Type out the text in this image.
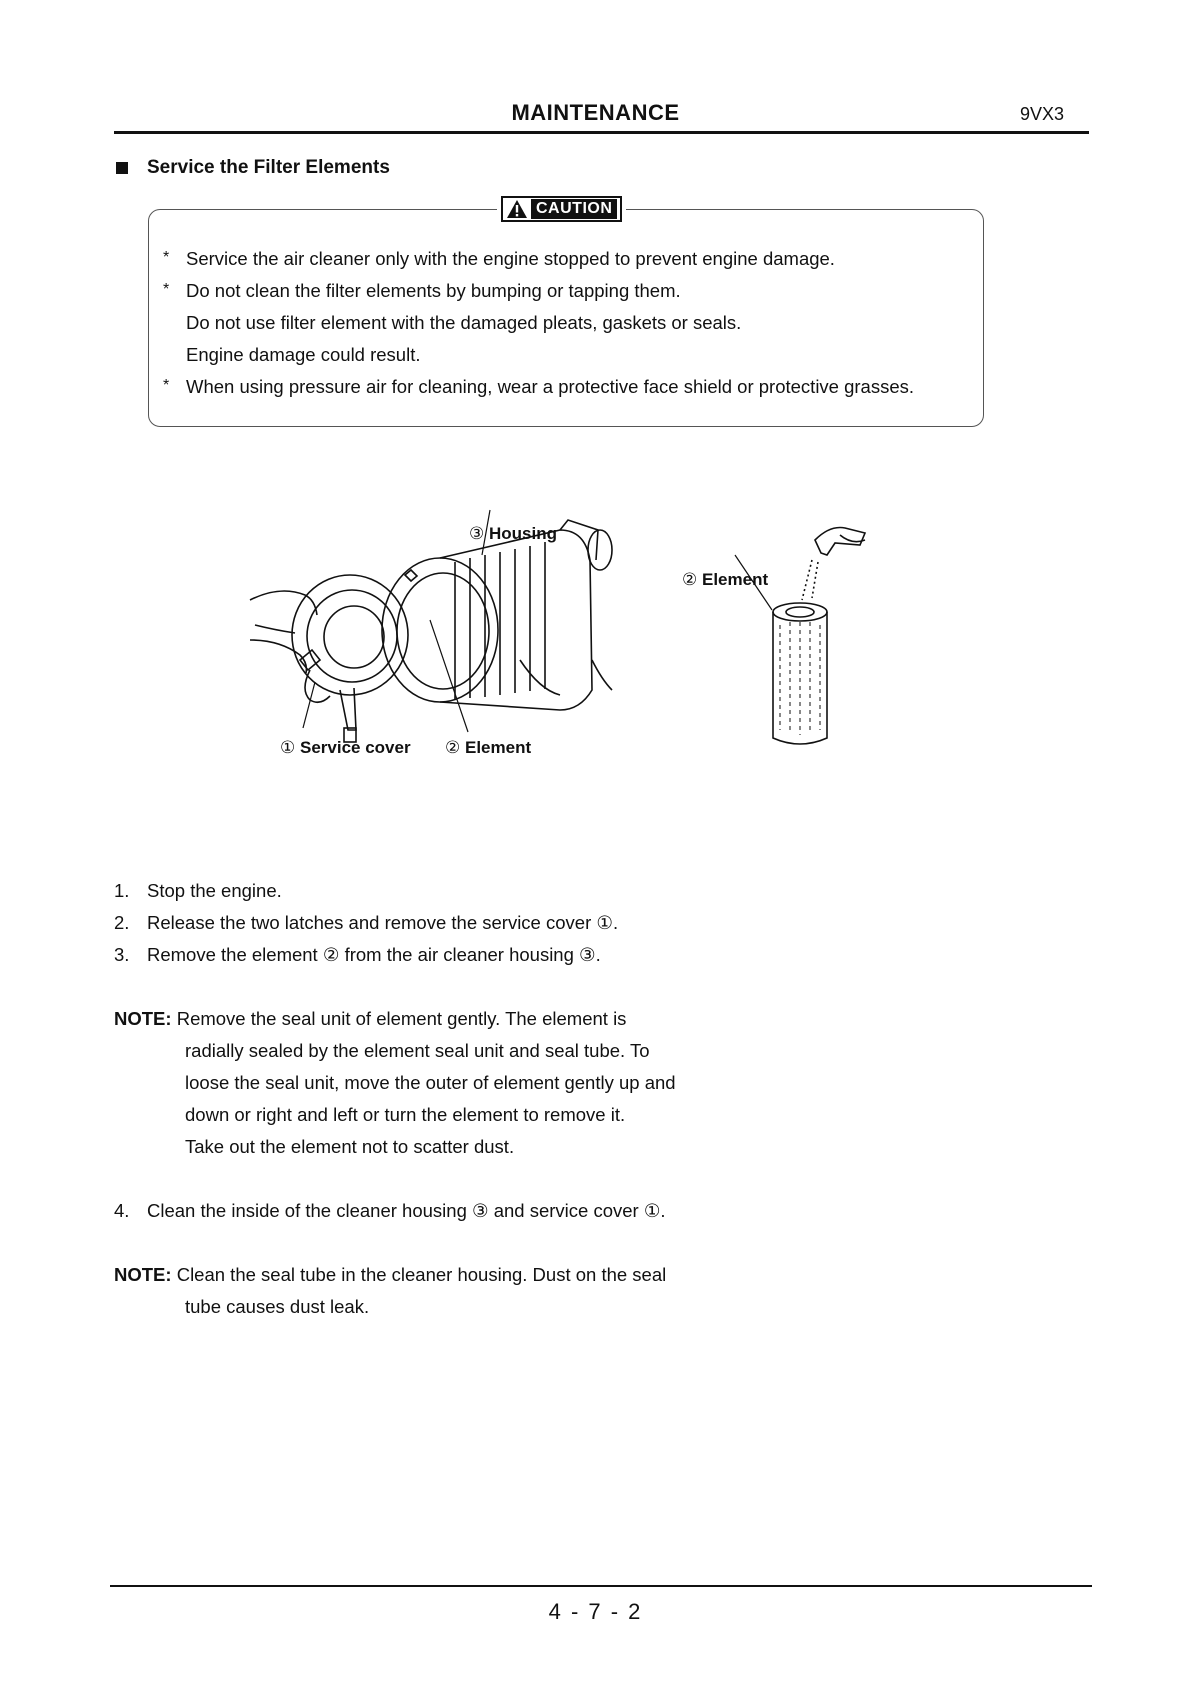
MAINTENANCE	9VX3
Service the Filter Elements
CAUTION
* Service the air cleaner only with the engine stopped to prevent engine damage.
* Do not clean the filter elements by bumping or tapping them.
Do not use filter element with the damaged pleats, gaskets or seals.
Engine damage could result.
* When using pressure air for cleaning, wear a protective face shield or protective grasses.
③ Housing
② Element
① Service cover ② Element
1. Stop the engine.
2. Release the two latches and remove the service cover ①.
3. Remove the element ② from the air cleaner housing ③.
NOTE: Remove the seal unit of element gently. The element is
radially sealed by the element seal unit and seal tube. To
loose the seal unit, move the outer of element gently up and
down or right and left or turn the element to remove it.
Take out the element not to scatter dust.
4. Clean the inside of the cleaner housing ③ and service cover ①.
NOTE: Clean the seal tube in the cleaner housing. Dust on the seal
tube causes dust leak.
4 - 7 - 2
